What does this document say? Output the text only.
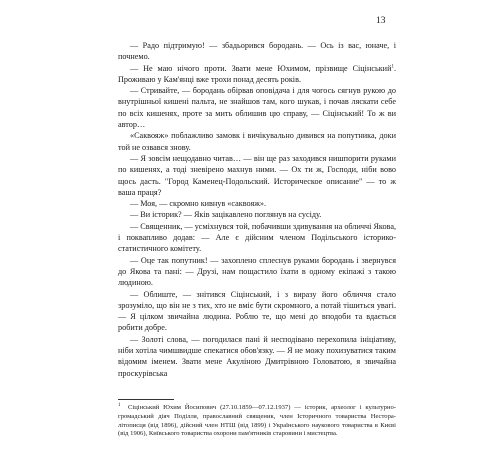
13

— Радо підтримую! — збадьорився бородань. — Ось із вас, юначе, і почнемо.

— Не маю нічого проти. Звати мене Юхимом, прізвище Сіцінський$^1$. Проживаю у Кам'янці вже трохи понад десять років.

— Стривайте, — бородань обірвав оповідача і для чогось сягнув рукою до внутрішньої кишені пальта, не знайшов там, кого шукав, і почав ляскати себе по всіх кишенях, проте за мить облишив цю справу, — Сіцінський! То ж ви автор…

«Саквояж» поблажливо замовк і вичікувально дивився на попутника, доки той не озвався знову.

— Я зовсім нещодавно читав… — він ще раз заходився нишпорити руками по кишенях, а тоді зневірено махнув ними. — Ох ти ж, Господи, ніби вово щось дасть. "Город Каменец-Подольский. Историческое описание" — то ж ваша праця?

— Моя, — скромно кивнув «саквояж».

— Ви історик? — Яків зацікавлено поглянув на сусіду.

— Священник, — усміхнувся той, побачивши здивування на обличчі Якова, і поквапливо додав: — Але є дійсним членом Подільського історико-статистичного комітету.

— Оце так попутник! — захоплено сплеснув руками бородань і звернувся до Якова та пані: — Друзі, нам пощастило їхати в одному екіпажі з такою людиною.

— Облиште, — знітився Сіцінський, і з виразу його обличчя стало зрозуміло, що він не з тих, хто не вміє бути скромного, а потай тішиться увагі. — Я цілком звичайна людина. Роблю те, що мені до вподоби та вдається робити добре.

— Золоті слова, — погодилася пані й несподівано перехопила ініціативу, ніби хотіла чимшвидше спекатися обов'язку. — Я не можу похизуватися таким відомим іменем. Звати мене Акуліною Дмитрівною Головатою, я звичайна проскурівська

1 Сіцінський Юхим Йосипович (27.10.1859—07.12.1937) — історик, археолог і культурно-громадський діяч Поділля, православний священик, член Історичного товариства Нестора-літописця (від 1896), дійсний член НТШ (від 1899) і Українського наукового товариства в Києві (від 1906), Київського товариства охорони пам'ятників старовини і мистецтва.
